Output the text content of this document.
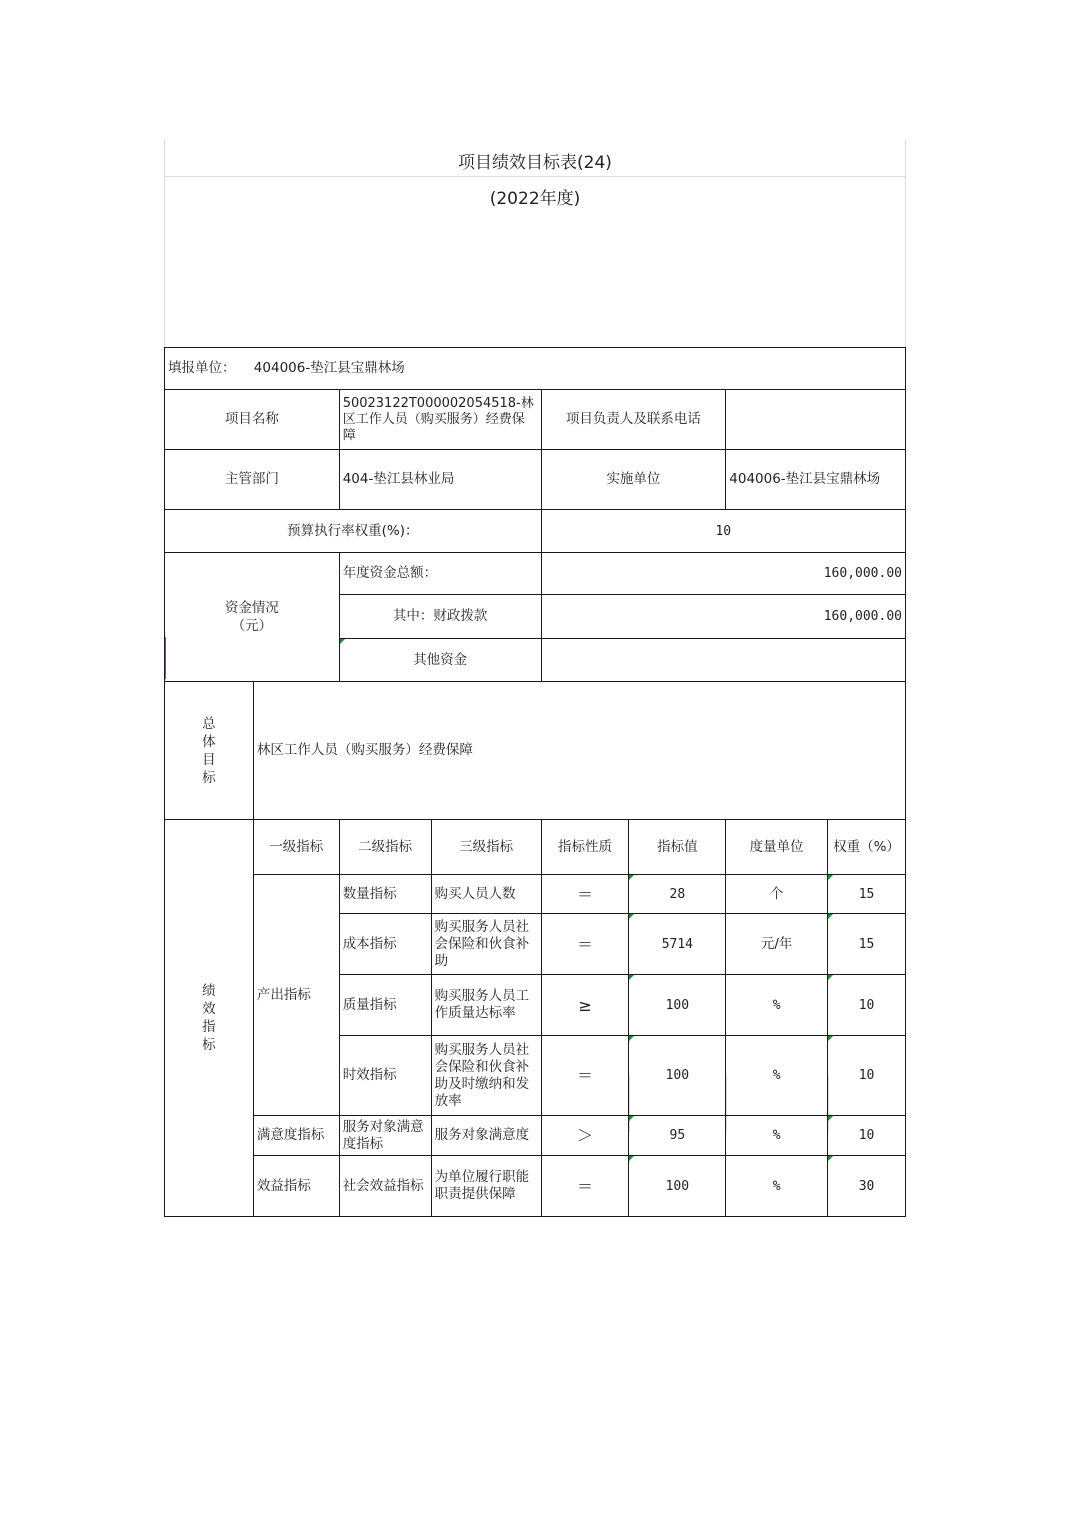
项目绩效目标表(24)
(2022年度)
填报单位： 404006-垫江县宝鼎林场							
项目名称		50023122T000002054518-林区工作人员（购买服务）经费保障		项目负责人及联系电话			
主管部门		404-垫江县林业局		实施单位		404006-垫江县宝鼎林场	
预算执行率权重(%)：				10			
资金情况（元）		年度资金总额：		160,000.00			
		其中：财政拨款		160,000.00			
		其他资金					
总体目标	林区工作人员（购买服务）经费保障						
绩效指标	一级指标	二级指标	三级指标	指标性质	指标值	度量单位	权重（%）
	产出指标	数量指标	购买人员人数	＝	28	个	15
		成本指标	购买服务人员社会保险和伙食补助	＝	5714	元/年	15
		质量指标	购买服务人员工作质量达标率	≥	100	%	10
		时效指标	购买服务人员社会保险和伙食补助及时缴纳和发放率	＝	100	%	10
	满意度指标	服务对象满意度指标	服务对象满意度	＞	95	%	10
	效益指标	社会效益指标	为单位履行职能职责提供保障	＝	100	%	30
